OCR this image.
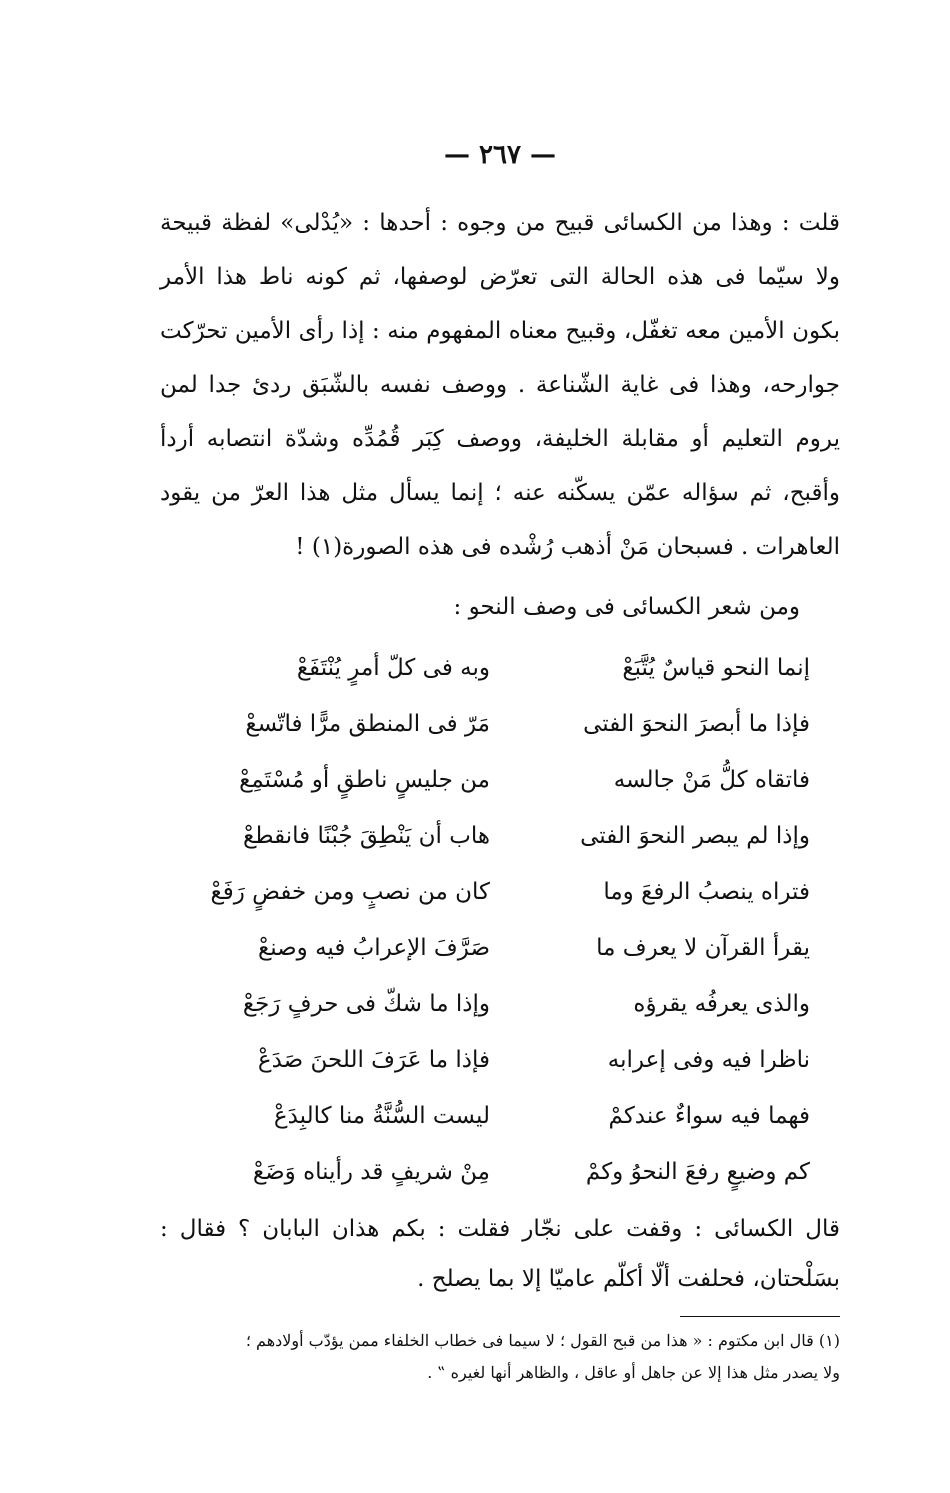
— ٢٦٧ —

قلت : وهذا من الكسائى قبيح من وجوه : أحدها : «يُدْلى» لفظة قبيحة ولا سيّما فى هذه الحالة التى تعرّض لوصفها، ثم كونه ناط هذا الأمر بكون الأمين معه تغفّل، وقبيح معناه المفهوم منه : إذا رأى الأمين تحرّكت جوارحه، وهذا فى غاية الشّناعة . ووصف نفسه بالشّبَق ردئ جدا لمن يروم التعليم أو مقابلة الخليفة، ووصف كِبَر قُمُدِّه وشدّة انتصابه أردأ وأقبح، ثم سؤاله عمّن يسكّنه عنه ؛ إنما يسأل مثل هذا العرّ من يقود العاهرات . فسبحان مَنْ أذهب رُشْده فى هذه الصورة(١) !

ومن شعر الكسائى فى وصف النحو :

إنما النحو قياسٌ يُتَّبَعْ
وبه فى كلّ أمرٍ يُنْتَفَعْ
فإذا ما أبصرَ النحوَ الفتى
مَرّ فى المنطق مرًّا فاتّسعْ
فاتقاه كلُّ مَنْ جالسه
من جليسٍ ناطقٍ أو مُسْتَمِعْ
وإذا لم يبصر النحوَ الفتى
هاب أن يَنْطِقَ جُبْنًا فانقطعْ
فتراه ينصبُ الرفعَ وما
كان من نصبٍ ومن خفضٍ رَفَعْ
يقرأ القرآن لا يعرف ما
صَرَّفَ الإعرابُ فيه وصنعْ
والذى يعرفُه يقرؤه
وإذا ما شكّ فى حرفٍ رَجَعْ
ناظرا فيه وفى إعرابه
فإذا ما عَرَفَ اللحنَ صَدَعْ
فهما فيه سواءٌ عندكمْ
ليست السُّنَّةُ منا كالبِدَعْ
كم وضيعٍ رفعَ النحوُ وكمْ
مِنْ شريفٍ قد رأيناه وَضَعْ

قال الكسائى : وقفت على نجّار فقلت : بكم هذان البابان ؟ فقال : بسَلْحتان، فحلفت ألّا أكلّم عاميّا إلا بما يصلح .

(١) قال ابن مكتوم : « هذا من قبح القول ؛ لا سيما فى خطاب الخلفاء ممن يؤدّب أولادهم ؛

ولا يصدر مثل هذا إلا عن جاهل أو عاقل ، والظاهر أنها لغيره ‟ .
